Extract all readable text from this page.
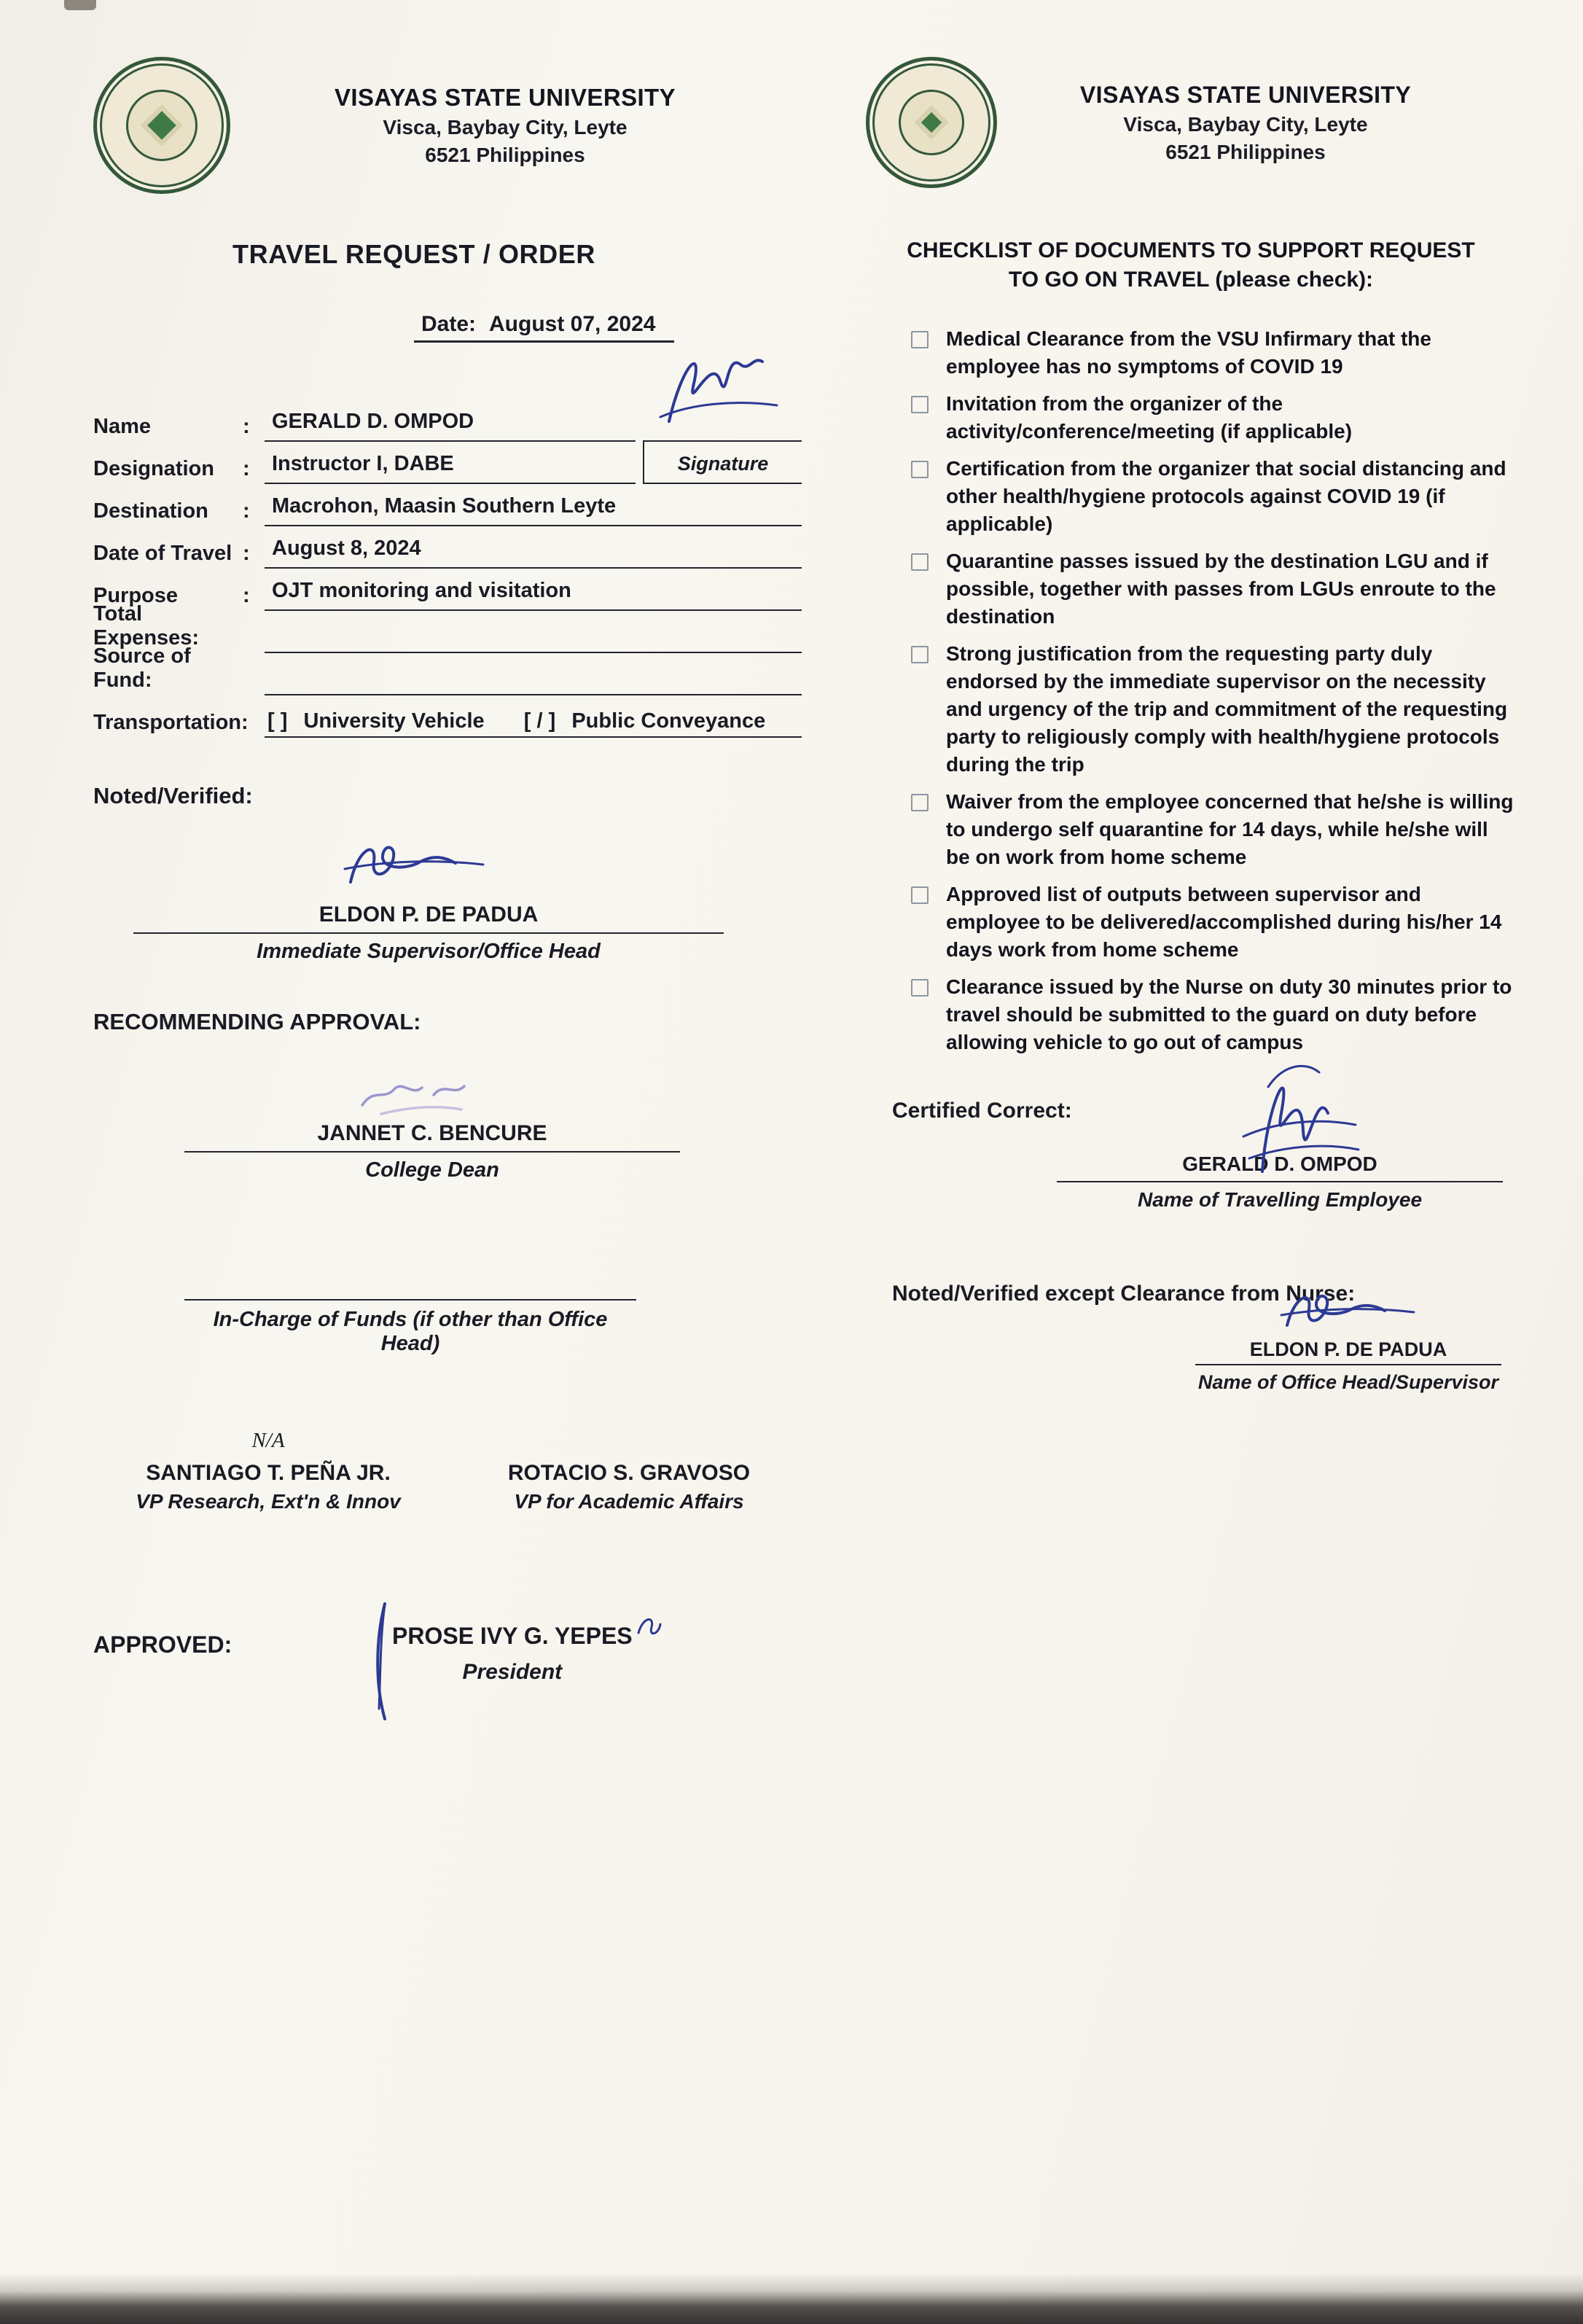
VISAYAS STATE UNIVERSITY
Visca, Baybay City, Leyte
6521 Philippines
TRAVEL REQUEST / ORDER
Date: August 07, 2024
Name	:	GERALD D. OMPOD
Designation	:	Instructor I, DABE
Destination	:	Macrohon, Maasin Southern Leyte
Date of Travel :	August 8, 2024
Purpose	:	OJT monitoring and visitation
Total Expenses:
Source of Fund:
Transportation: [ ] University Vehicle [ / ] Public Conveyance
Signature
Noted/Verified:
ELDON P. DE PADUA
Immediate Supervisor/Office Head
RECOMMENDING APPROVAL:
JANNET C. BENCURE
College Dean
In-Charge of Funds (if other than Office Head)
N/A
SANTIAGO T. PEÑA JR.
VP Research, Ext'n & Innov
ROTACIO S. GRAVOSO
VP for Academic Affairs
APPROVED:	PROSE IVY G. YEPES
President
VISAYAS STATE UNIVERSITY
Visca, Baybay City, Leyte
6521 Philippines
CHECKLIST OF DOCUMENTS TO SUPPORT REQUEST
TO GO ON TRAVEL (please check):
Medical Clearance from the VSU Infirmary that the employee has no symptoms of COVID 19
Invitation from the organizer of the activity/conference/meeting (if applicable)
Certification from the organizer that social distancing and other health/hygiene protocols against COVID 19 (if applicable)
Quarantine passes issued by the destination LGU and if possible, together with passes from LGUs enroute to the destination
Strong justification from the requesting party duly endorsed by the immediate supervisor on the necessity and urgency of the trip and commitment of the requesting party to religiously comply with health/hygiene protocols during the trip
Waiver from the employee concerned that he/she is willing to undergo self quarantine for 14 days, while he/she will be on work from home scheme
Approved list of outputs between supervisor and employee to be delivered/accomplished during his/her 14 days work from home scheme
Clearance issued by the Nurse on duty 30 minutes prior to travel should be submitted to the guard on duty before allowing vehicle to go out of campus
Certified Correct:
GERALD D. OMPOD
Name of Travelling Employee
Noted/Verified except Clearance from Nurse:
ELDON P. DE PADUA
Name of Office Head/Supervisor
